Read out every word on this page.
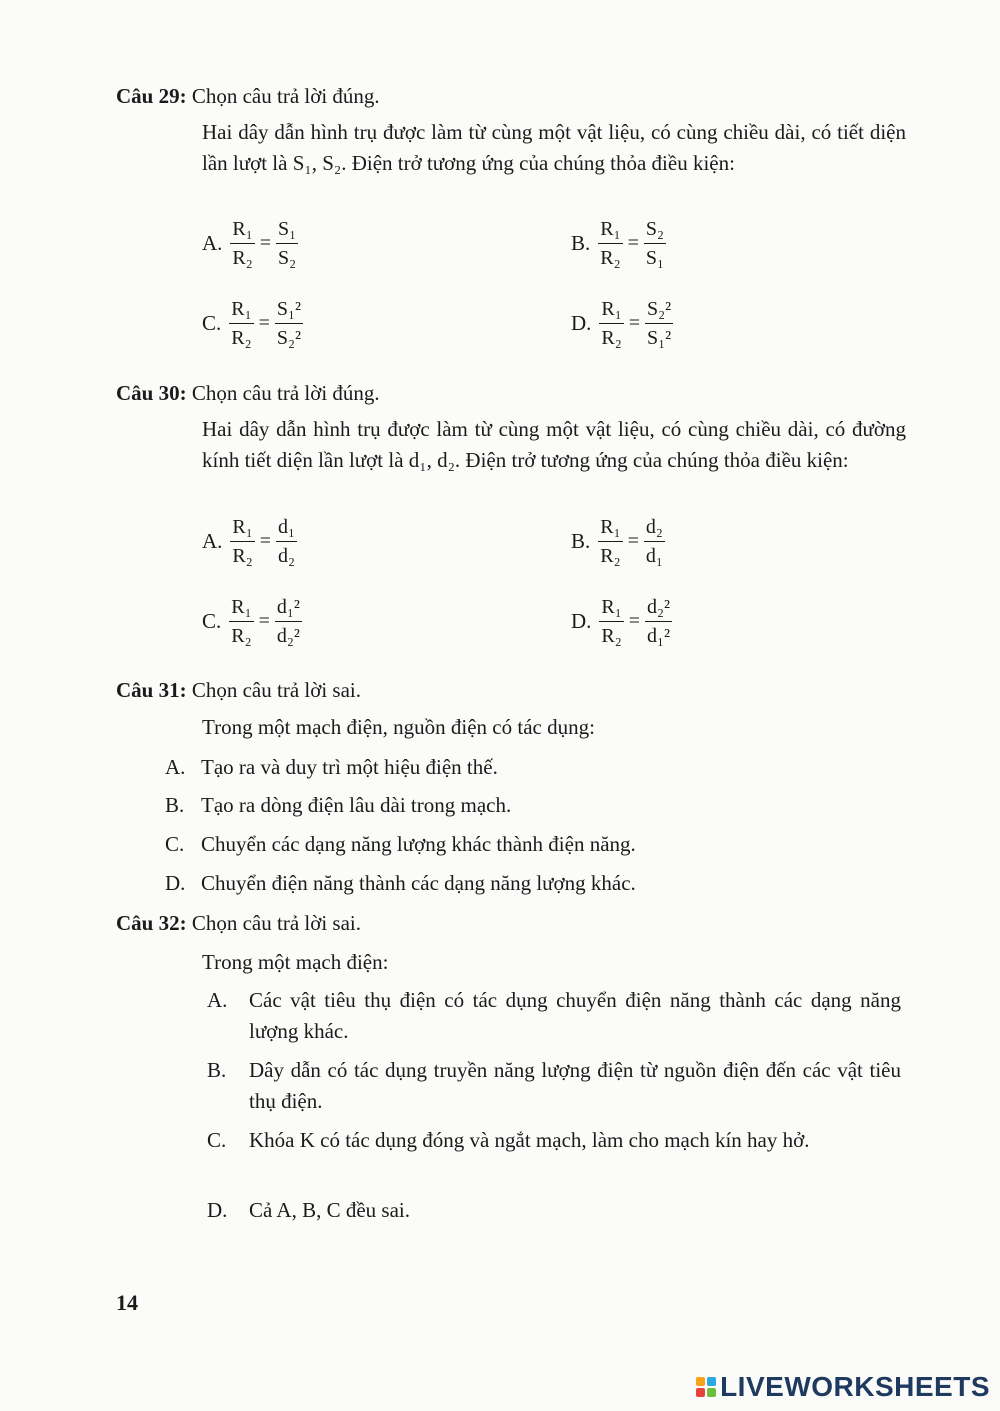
Câu 29: Chọn câu trả lời đúng.
Hai dây dẫn hình trụ được làm từ cùng một vật liệu, có cùng chiều dài, có tiết diện lần lượt là S₁, S₂. Điện trở tương ứng của chúng thỏa điều kiện:
A. $\frac{\text{R₁}}{\text{R₂}} = \frac{\text{S₁}}{\text{S₂}}$	B. $\frac{\text{R₁}}{\text{R₂}} = \frac{\text{S₂}}{\text{S₁}}$
C. $\frac{\text{R₁}}{\text{R₂}} = \frac{\text{S₁²}}{\text{S₂²}}$	D. $\frac{\text{R₁}}{\text{R₂}} = \frac{\text{S₂²}}{\text{S₁²}}$
Câu 30: Chọn câu trả lời đúng.
Hai dây dẫn hình trụ được làm từ cùng một vật liệu, có cùng chiều dài, có đường kính tiết diện lần lượt là d₁, d₂. Điện trở tương ứng của chúng thỏa điều kiện:
A. $\frac{\text{R₁}}{\text{R₂}} = \frac{\text{d₁}}{\text{d₂}}$	B. $\frac{\text{R₁}}{\text{R₂}} = \frac{\text{d₂}}{\text{d₁}}$
C. $\frac{\text{R₁}}{\text{R₂}} = \frac{\text{d₁²}}{\text{d₂²}}$	D. $\frac{\text{R₁}}{\text{R₂}} = \frac{\text{d₂²}}{\text{d₁²}}$
Câu 31: Chọn câu trả lời sai.
Trong một mạch điện, nguồn điện có tác dụng:
A. Tạo ra và duy trì một hiệu điện thế.
B. Tạo ra dòng điện lâu dài trong mạch.
C. Chuyển các dạng năng lượng khác thành điện năng.
D. Chuyển điện năng thành các dạng năng lượng khác.
Câu 32: Chọn câu trả lời sai.
Trong một mạch điện:
A.	Các vật tiêu thụ điện có tác dụng chuyển điện năng thành các dạng năng lượng khác.
B.	Dây dẫn có tác dụng truyền năng lượng điện từ nguồn điện đến các vật tiêu thụ điện.
C.	Khóa K có tác dụng đóng và ngắt mạch, làm cho mạch kín hay hở.
D.	Cả A, B, C đều sai.
14
LIVEWORKSHEETS
